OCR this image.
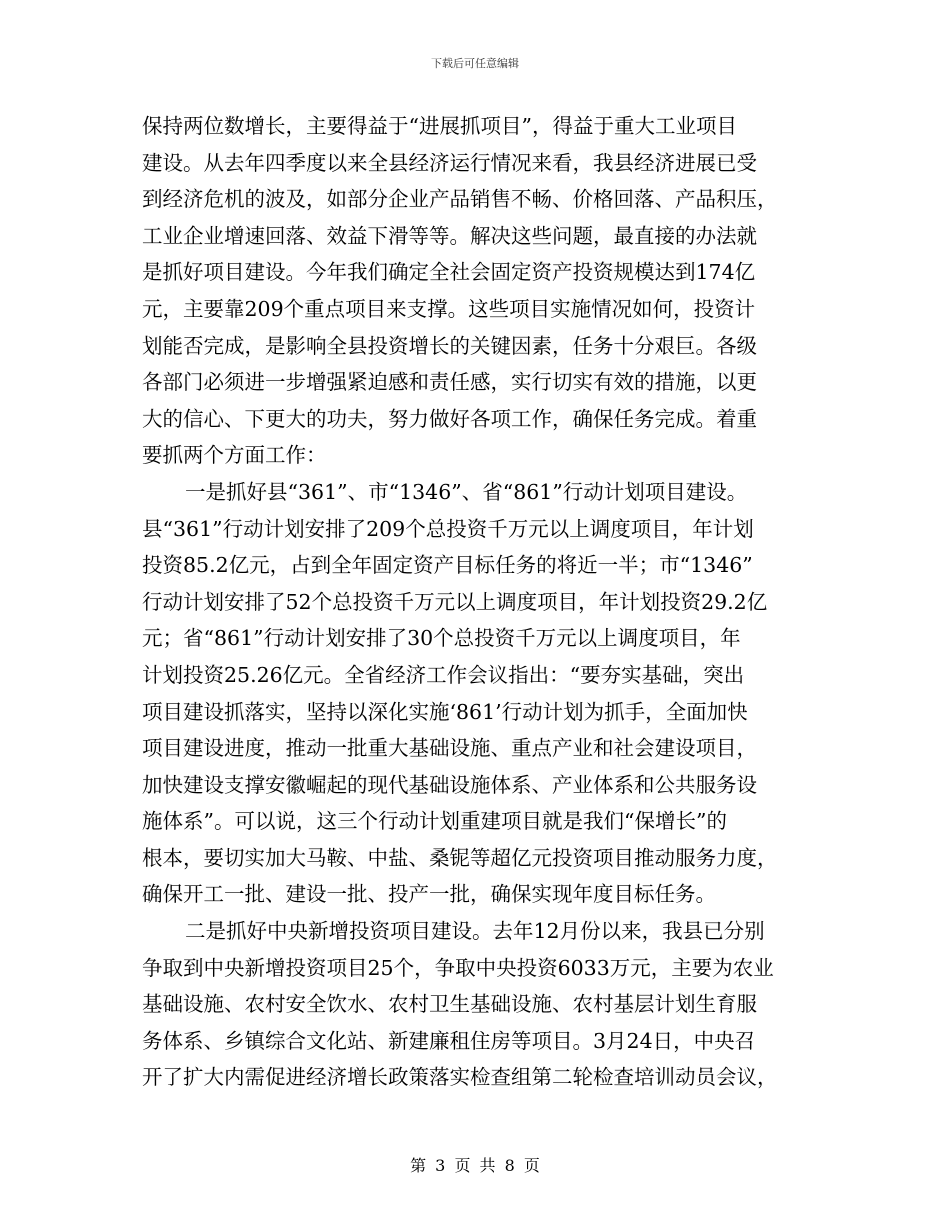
下载后可任意编辑
保持两位数增长，主要得益于“进展抓项目”，得益于重大工业项目
建设。从去年四季度以来全县经济运行情况来看，我县经济进展已受
到经济危机的波及，如部分企业产品销售不畅、价格回落、产品积压，
工业企业增速回落、效益下滑等等。解决这些问题，最直接的办法就
是抓好项目建设。今年我们确定全社会固定资产投资规模达到174亿
元，主要靠209个重点项目来支撑。这些项目实施情况如何，投资计
划能否完成，是影响全县投资增长的关键因素，任务十分艰巨。各级
各部门必须进一步增强紧迫感和责任感，实行切实有效的措施，以更
大的信心、下更大的功夫，努力做好各项工作，确保任务完成。着重
要抓两个方面工作：
一是抓好县“361”、市“1346”、省“861”行动计划项目建设。
县“361”行动计划安排了209个总投资千万元以上调度项目，年计划
投资85.2亿元，占到全年固定资产目标任务的将近一半；市“1346”
行动计划安排了52个总投资千万元以上调度项目，年计划投资29.2亿
元；省“861”行动计划安排了30个总投资千万元以上调度项目，年
计划投资25.26亿元。全省经济工作会议指出：“要夯实基础，突出
项目建设抓落实，坚持以深化实施‘861’行动计划为抓手，全面加快
项目建设进度，推动一批重大基础设施、重点产业和社会建设项目，
加快建设支撑安徽崛起的现代基础设施体系、产业体系和公共服务设
施体系”。可以说，这三个行动计划重建项目就是我们“保增长”的
根本，要切实加大马鞍、中盐、桑铌等超亿元投资项目推动服务力度，
确保开工一批、建设一批、投产一批，确保实现年度目标任务。
二是抓好中央新增投资项目建设。去年12月份以来，我县已分别
争取到中央新增投资项目25个，争取中央投资6033万元，主要为农业
基础设施、农村安全饮水、农村卫生基础设施、农村基层计划生育服
务体系、乡镇综合文化站、新建廉租住房等项目。3月24日，中央召
开了扩大内需促进经济增长政策落实检查组第二轮检查培训动员会议，
第 3 页 共 8 页
